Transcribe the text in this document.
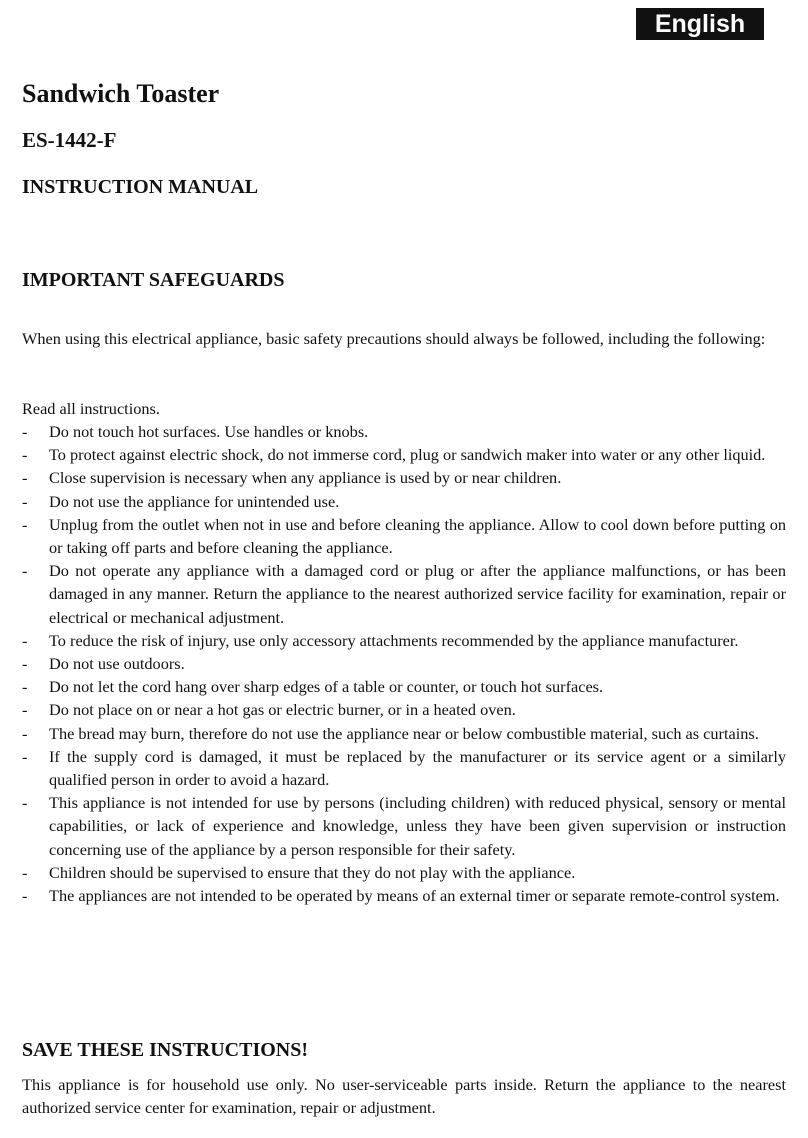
English
Sandwich Toaster
ES-1442-F
INSTRUCTION MANUAL
IMPORTANT SAFEGUARDS

When using this electrical appliance, basic safety precautions should always be followed, including the following:

Read all instructions.

- Do not touch hot surfaces. Use handles or knobs.
- To protect against electric shock, do not immerse cord, plug or sandwich maker into water or any other liquid.
- Close supervision is necessary when any appliance is used by or near children.
- Do not use the appliance for unintended use.
- Unplug from the outlet when not in use and before cleaning the appliance. Allow to cool down before putting on or taking off parts and before cleaning the appliance.
- Do not operate any appliance with a damaged cord or plug or after the appliance malfunctions, or has been damaged in any manner. Return the appliance to the nearest authorized service facility for examination, repair or electrical or mechanical adjustment.
- To reduce the risk of injury, use only accessory attachments recommended by the appliance manufacturer.
- Do not use outdoors.
- Do not let the cord hang over sharp edges of a table or counter, or touch hot surfaces.
- Do not place on or near a hot gas or electric burner, or in a heated oven.
- The bread may burn, therefore do not use the appliance near or below combustible material, such as curtains.
- If the supply cord is damaged, it must be replaced by the manufacturer or its service agent or a similarly qualified person in order to avoid a hazard.
- This appliance is not intended for use by persons (including children) with reduced physical, sensory or mental capabilities, or lack of experience and knowledge, unless they have been given supervision or instruction concerning use of the appliance by a person responsible for their safety.
- Children should be supervised to ensure that they do not play with the appliance.
- The appliances are not intended to be operated by means of an external timer or separate remote-control system.
SAVE THESE INSTRUCTIONS!

This appliance is for household use only. No user-serviceable parts inside. Return the appliance to the nearest authorized service center for examination, repair or adjustment.
